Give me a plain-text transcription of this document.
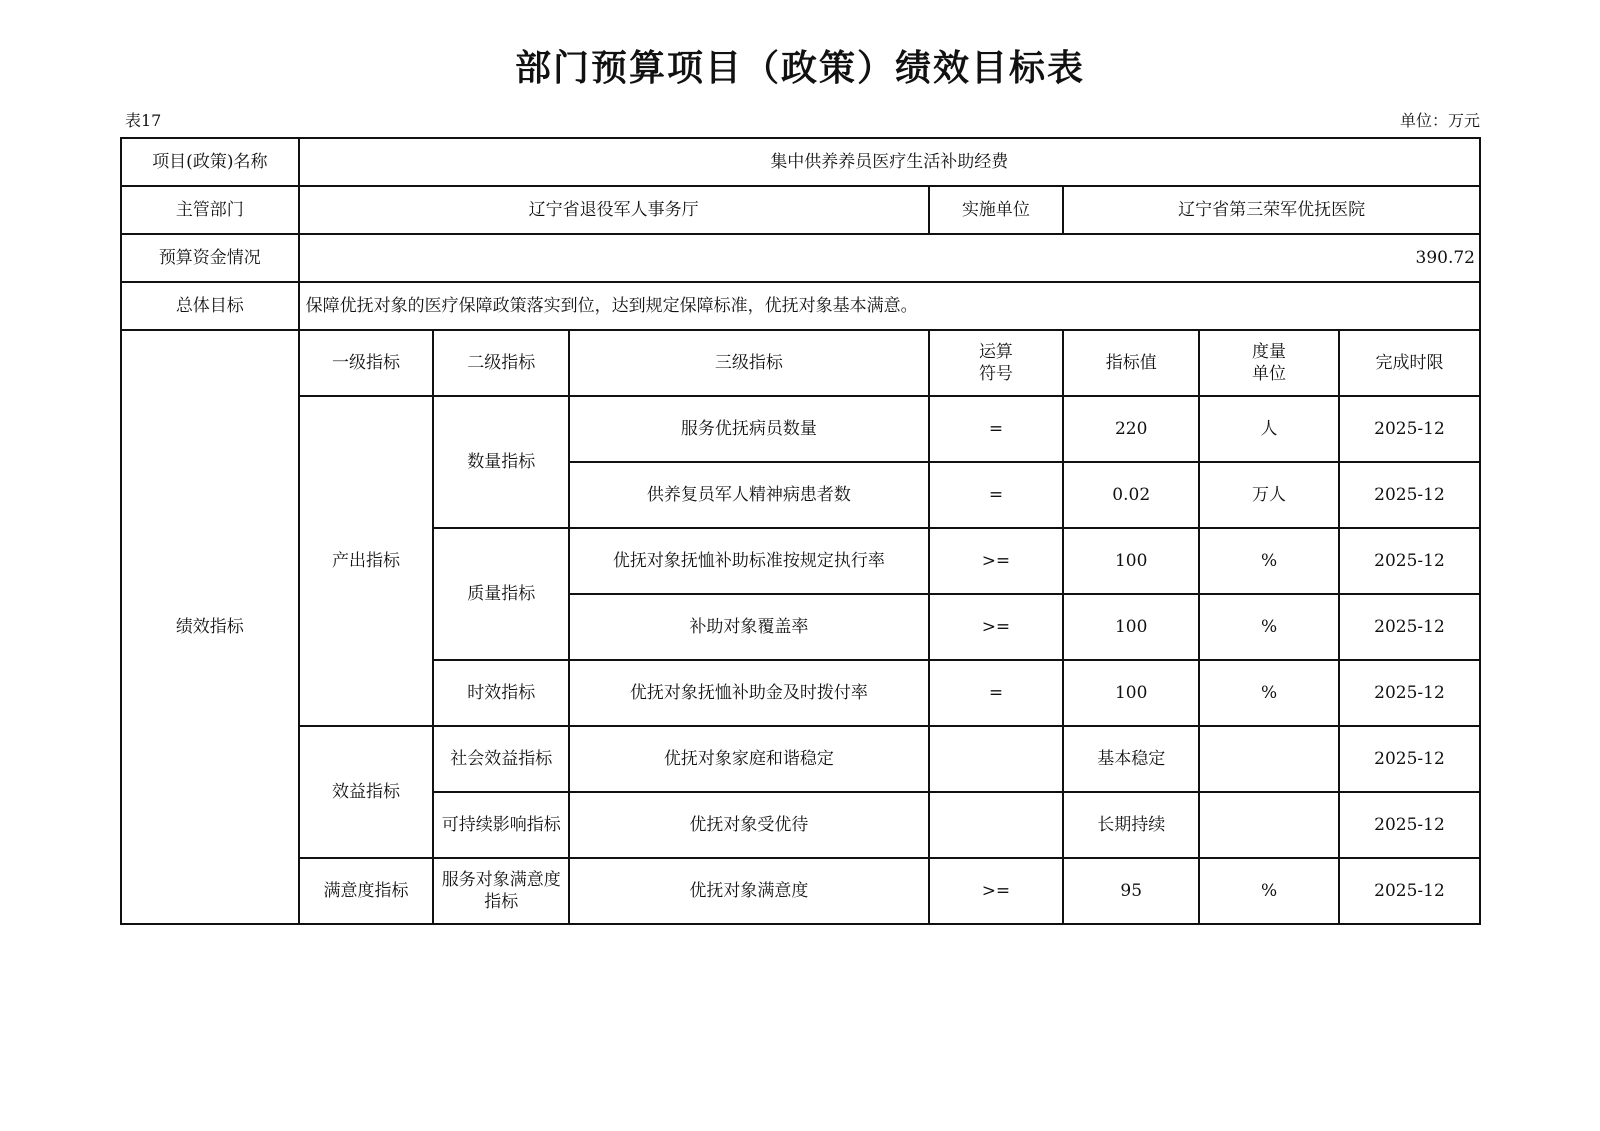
部门预算项目（政策）绩效目标表
表17	单位：万元
项目(政策)名称	集中供养养员医疗生活补助经费						
主管部门	辽宁省退役军人事务厅			实施单位	辽宁省第三荣军优抚医院		
预算资金情况	390.72						
总体目标	保障优抚对象的医疗保障政策落实到位，达到规定保障标准，优抚对象基本满意。						
绩效指标	一级指标	二级指标	三级指标	运算符号	指标值	度量单位	完成时限
	产出指标	数量指标	服务优抚病员数量	=	220	人	2025-12
			供养复员军人精神病患者数	=	0.02	万人	2025-12
		质量指标	优抚对象抚恤补助标准按规定执行率	>=	100	%	2025-12
			补助对象覆盖率	>=	100	%	2025-12
		时效指标	优抚对象抚恤补助金及时拨付率	=	100	%	2025-12
	效益指标	社会效益指标	优抚对象家庭和谐稳定		基本稳定		2025-12
		可持续影响指标	优抚对象受优待		长期持续		2025-12
	满意度指标	服务对象满意度指标	优抚对象满意度	>=	95	%	2025-12
